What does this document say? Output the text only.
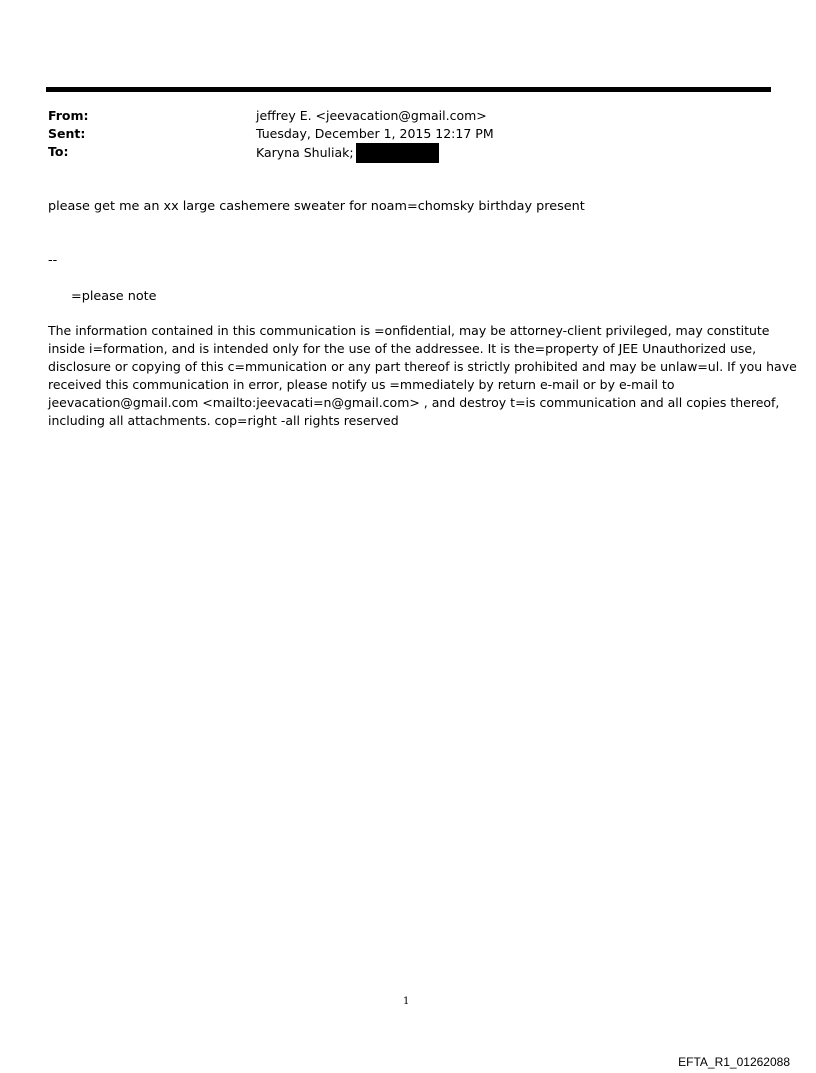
From:	jeffrey E. <jeevacation@gmail.com>
Sent:	Tuesday, December 1, 2015 12:17 PM
To:	Karyna Shuliak;
please get me an xx large cashemere sweater for noam=chomsky birthday present
--
=please note
The information contained in this communication is =onfidential, may be attorney-client privileged, may constitute
inside i=formation, and is intended only for the use of the addressee. It is the=property of JEE Unauthorized use,
disclosure or copying of this c=mmunication or any part thereof is strictly prohibited and may be unlaw=ul. If you have
received this communication in error, please notify us =mmediately by return e-mail or by e-mail to
jeevacation@gmail.com <mailto:jeevacati=n@gmail.com> , and destroy t=is communication and all copies thereof,
including all attachments. cop=right -all rights reserved
1
EFTA_R1_01262088
